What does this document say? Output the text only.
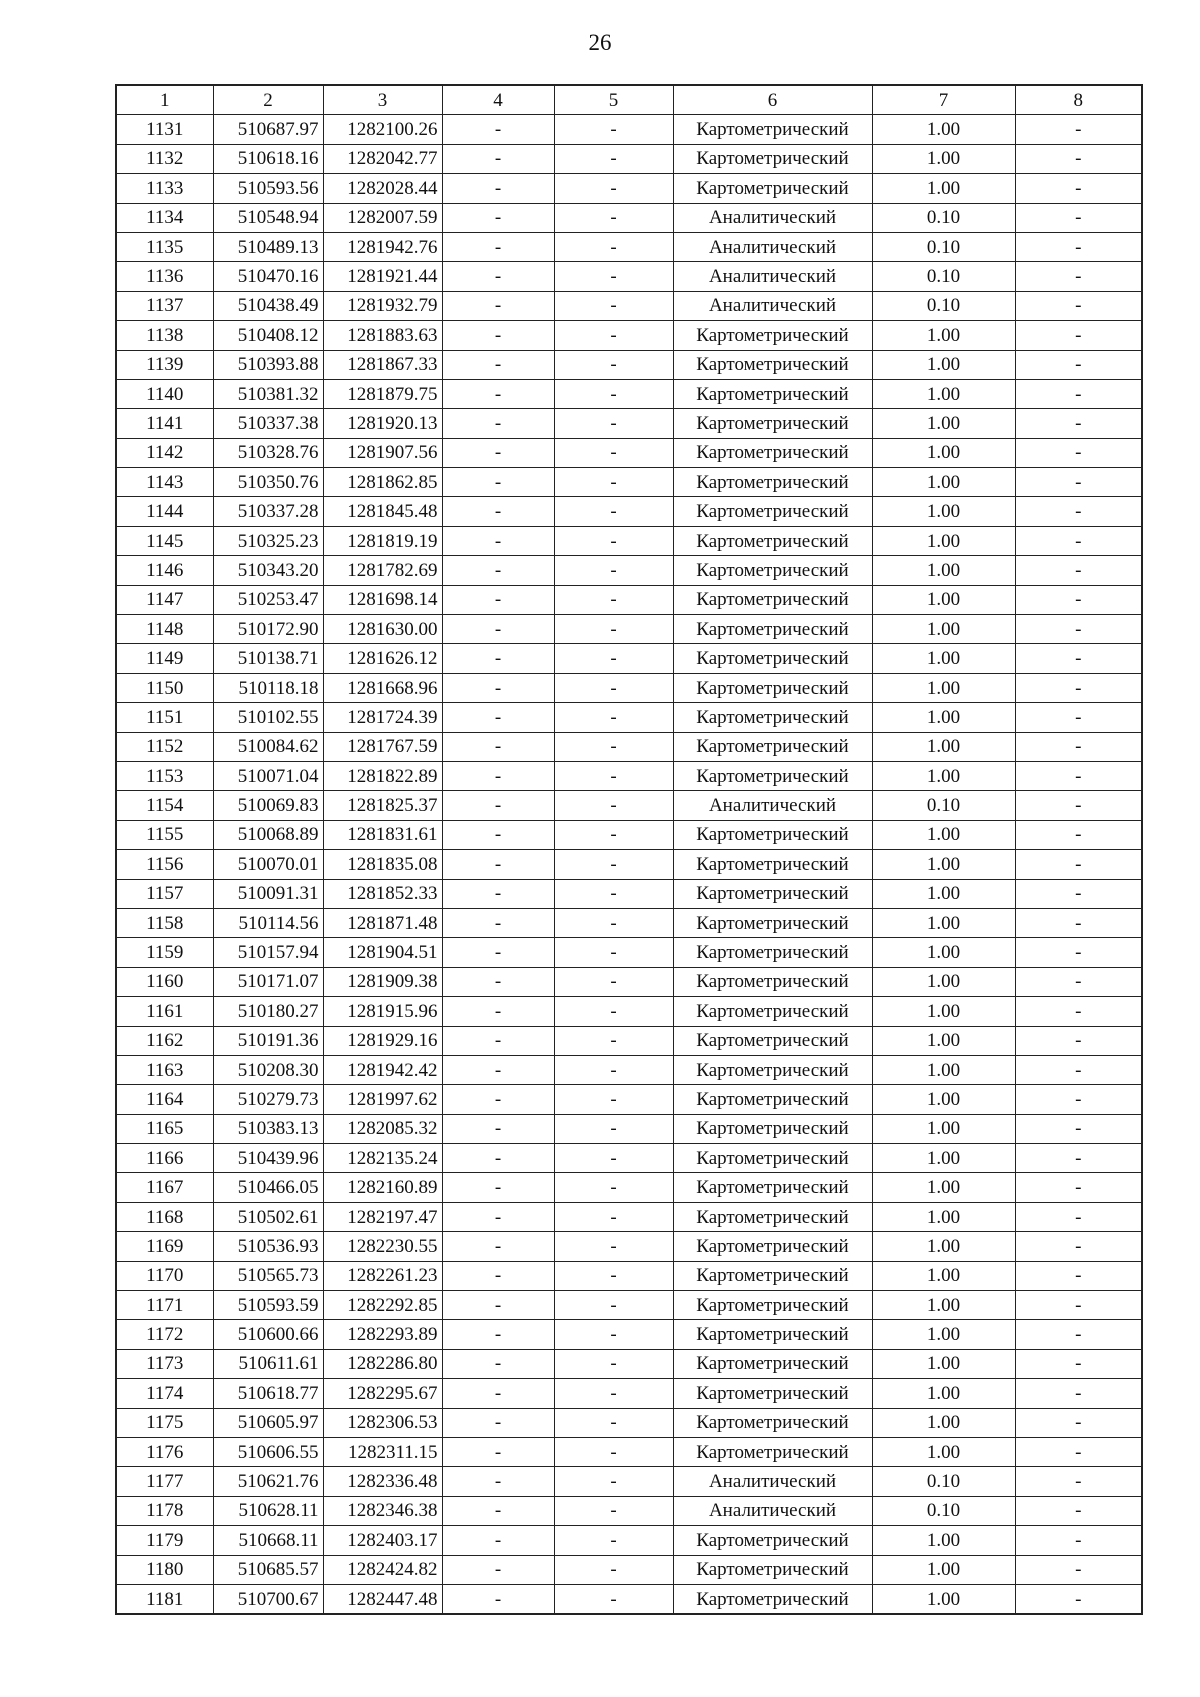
26
1	2	3	4	5	6	7	8
1131	510687.97	1282100.26	-	-	Картометрический	1.00	-
1132	510618.16	1282042.77	-	-	Картометрический	1.00	-
1133	510593.56	1282028.44	-	-	Картометрический	1.00	-
1134	510548.94	1282007.59	-	-	Аналитический	0.10	-
1135	510489.13	1281942.76	-	-	Аналитический	0.10	-
1136	510470.16	1281921.44	-	-	Аналитический	0.10	-
1137	510438.49	1281932.79	-	-	Аналитический	0.10	-
1138	510408.12	1281883.63	-	-	Картометрический	1.00	-
1139	510393.88	1281867.33	-	-	Картометрический	1.00	-
1140	510381.32	1281879.75	-	-	Картометрический	1.00	-
1141	510337.38	1281920.13	-	-	Картометрический	1.00	-
1142	510328.76	1281907.56	-	-	Картометрический	1.00	-
1143	510350.76	1281862.85	-	-	Картометрический	1.00	-
1144	510337.28	1281845.48	-	-	Картометрический	1.00	-
1145	510325.23	1281819.19	-	-	Картометрический	1.00	-
1146	510343.20	1281782.69	-	-	Картометрический	1.00	-
1147	510253.47	1281698.14	-	-	Картометрический	1.00	-
1148	510172.90	1281630.00	-	-	Картометрический	1.00	-
1149	510138.71	1281626.12	-	-	Картометрический	1.00	-
1150	510118.18	1281668.96	-	-	Картометрический	1.00	-
1151	510102.55	1281724.39	-	-	Картометрический	1.00	-
1152	510084.62	1281767.59	-	-	Картометрический	1.00	-
1153	510071.04	1281822.89	-	-	Картометрический	1.00	-
1154	510069.83	1281825.37	-	-	Аналитический	0.10	-
1155	510068.89	1281831.61	-	-	Картометрический	1.00	-
1156	510070.01	1281835.08	-	-	Картометрический	1.00	-
1157	510091.31	1281852.33	-	-	Картометрический	1.00	-
1158	510114.56	1281871.48	-	-	Картометрический	1.00	-
1159	510157.94	1281904.51	-	-	Картометрический	1.00	-
1160	510171.07	1281909.38	-	-	Картометрический	1.00	-
1161	510180.27	1281915.96	-	-	Картометрический	1.00	-
1162	510191.36	1281929.16	-	-	Картометрический	1.00	-
1163	510208.30	1281942.42	-	-	Картометрический	1.00	-
1164	510279.73	1281997.62	-	-	Картометрический	1.00	-
1165	510383.13	1282085.32	-	-	Картометрический	1.00	-
1166	510439.96	1282135.24	-	-	Картометрический	1.00	-
1167	510466.05	1282160.89	-	-	Картометрический	1.00	-
1168	510502.61	1282197.47	-	-	Картометрический	1.00	-
1169	510536.93	1282230.55	-	-	Картометрический	1.00	-
1170	510565.73	1282261.23	-	-	Картометрический	1.00	-
1171	510593.59	1282292.85	-	-	Картометрический	1.00	-
1172	510600.66	1282293.89	-	-	Картометрический	1.00	-
1173	510611.61	1282286.80	-	-	Картометрический	1.00	-
1174	510618.77	1282295.67	-	-	Картометрический	1.00	-
1175	510605.97	1282306.53	-	-	Картометрический	1.00	-
1176	510606.55	1282311.15	-	-	Картометрический	1.00	-
1177	510621.76	1282336.48	-	-	Аналитический	0.10	-
1178	510628.11	1282346.38	-	-	Аналитический	0.10	-
1179	510668.11	1282403.17	-	-	Картометрический	1.00	-
1180	510685.57	1282424.82	-	-	Картометрический	1.00	-
1181	510700.67	1282447.48	-	-	Картометрический	1.00	-
